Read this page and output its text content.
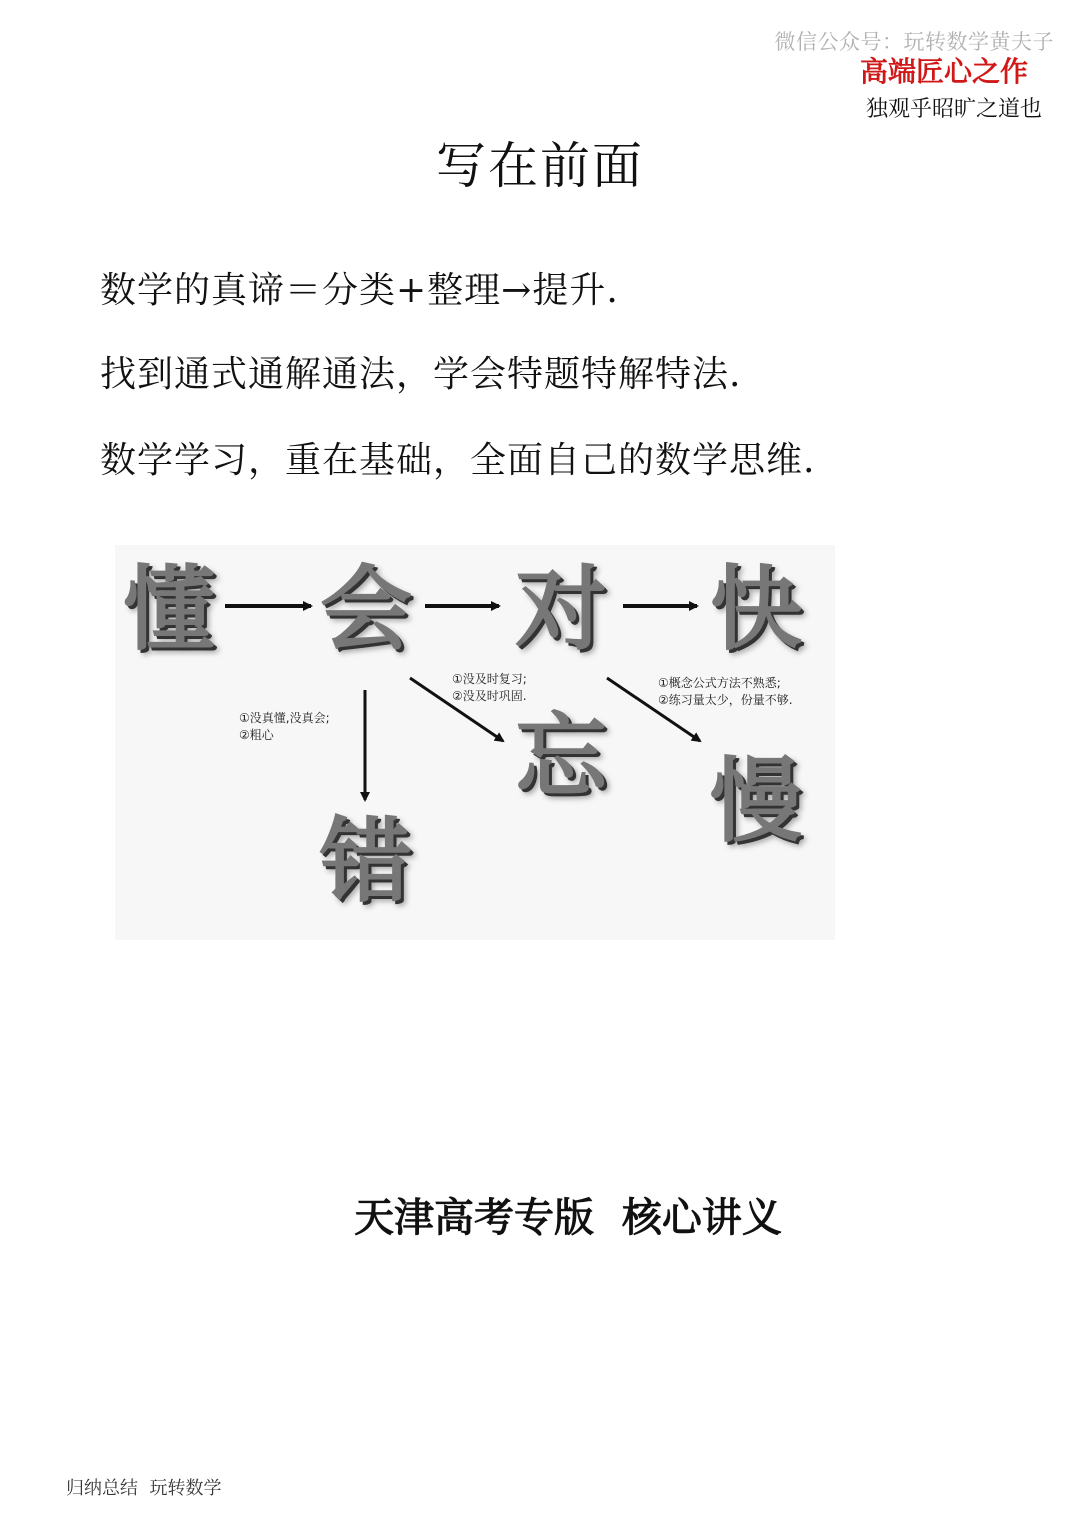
微信公众号：玩转数学黄夫子
高端匠心之作
独观乎昭旷之道也
写在前面
数学的真谛＝分类+整理→提升.
找到通式通解通法，学会特题特解特法.
数学学习，重在基础，全面自己的数学思维.
懂 会 对 快
错
忘 慢
①没真懂,没真会;
②粗心
①没及时复习;
②没及时巩固.
①概念公式方法不熟悉;
②练习量太少，份量不够.
天津高考专版  核心讲义
归纳总结  玩转数学
